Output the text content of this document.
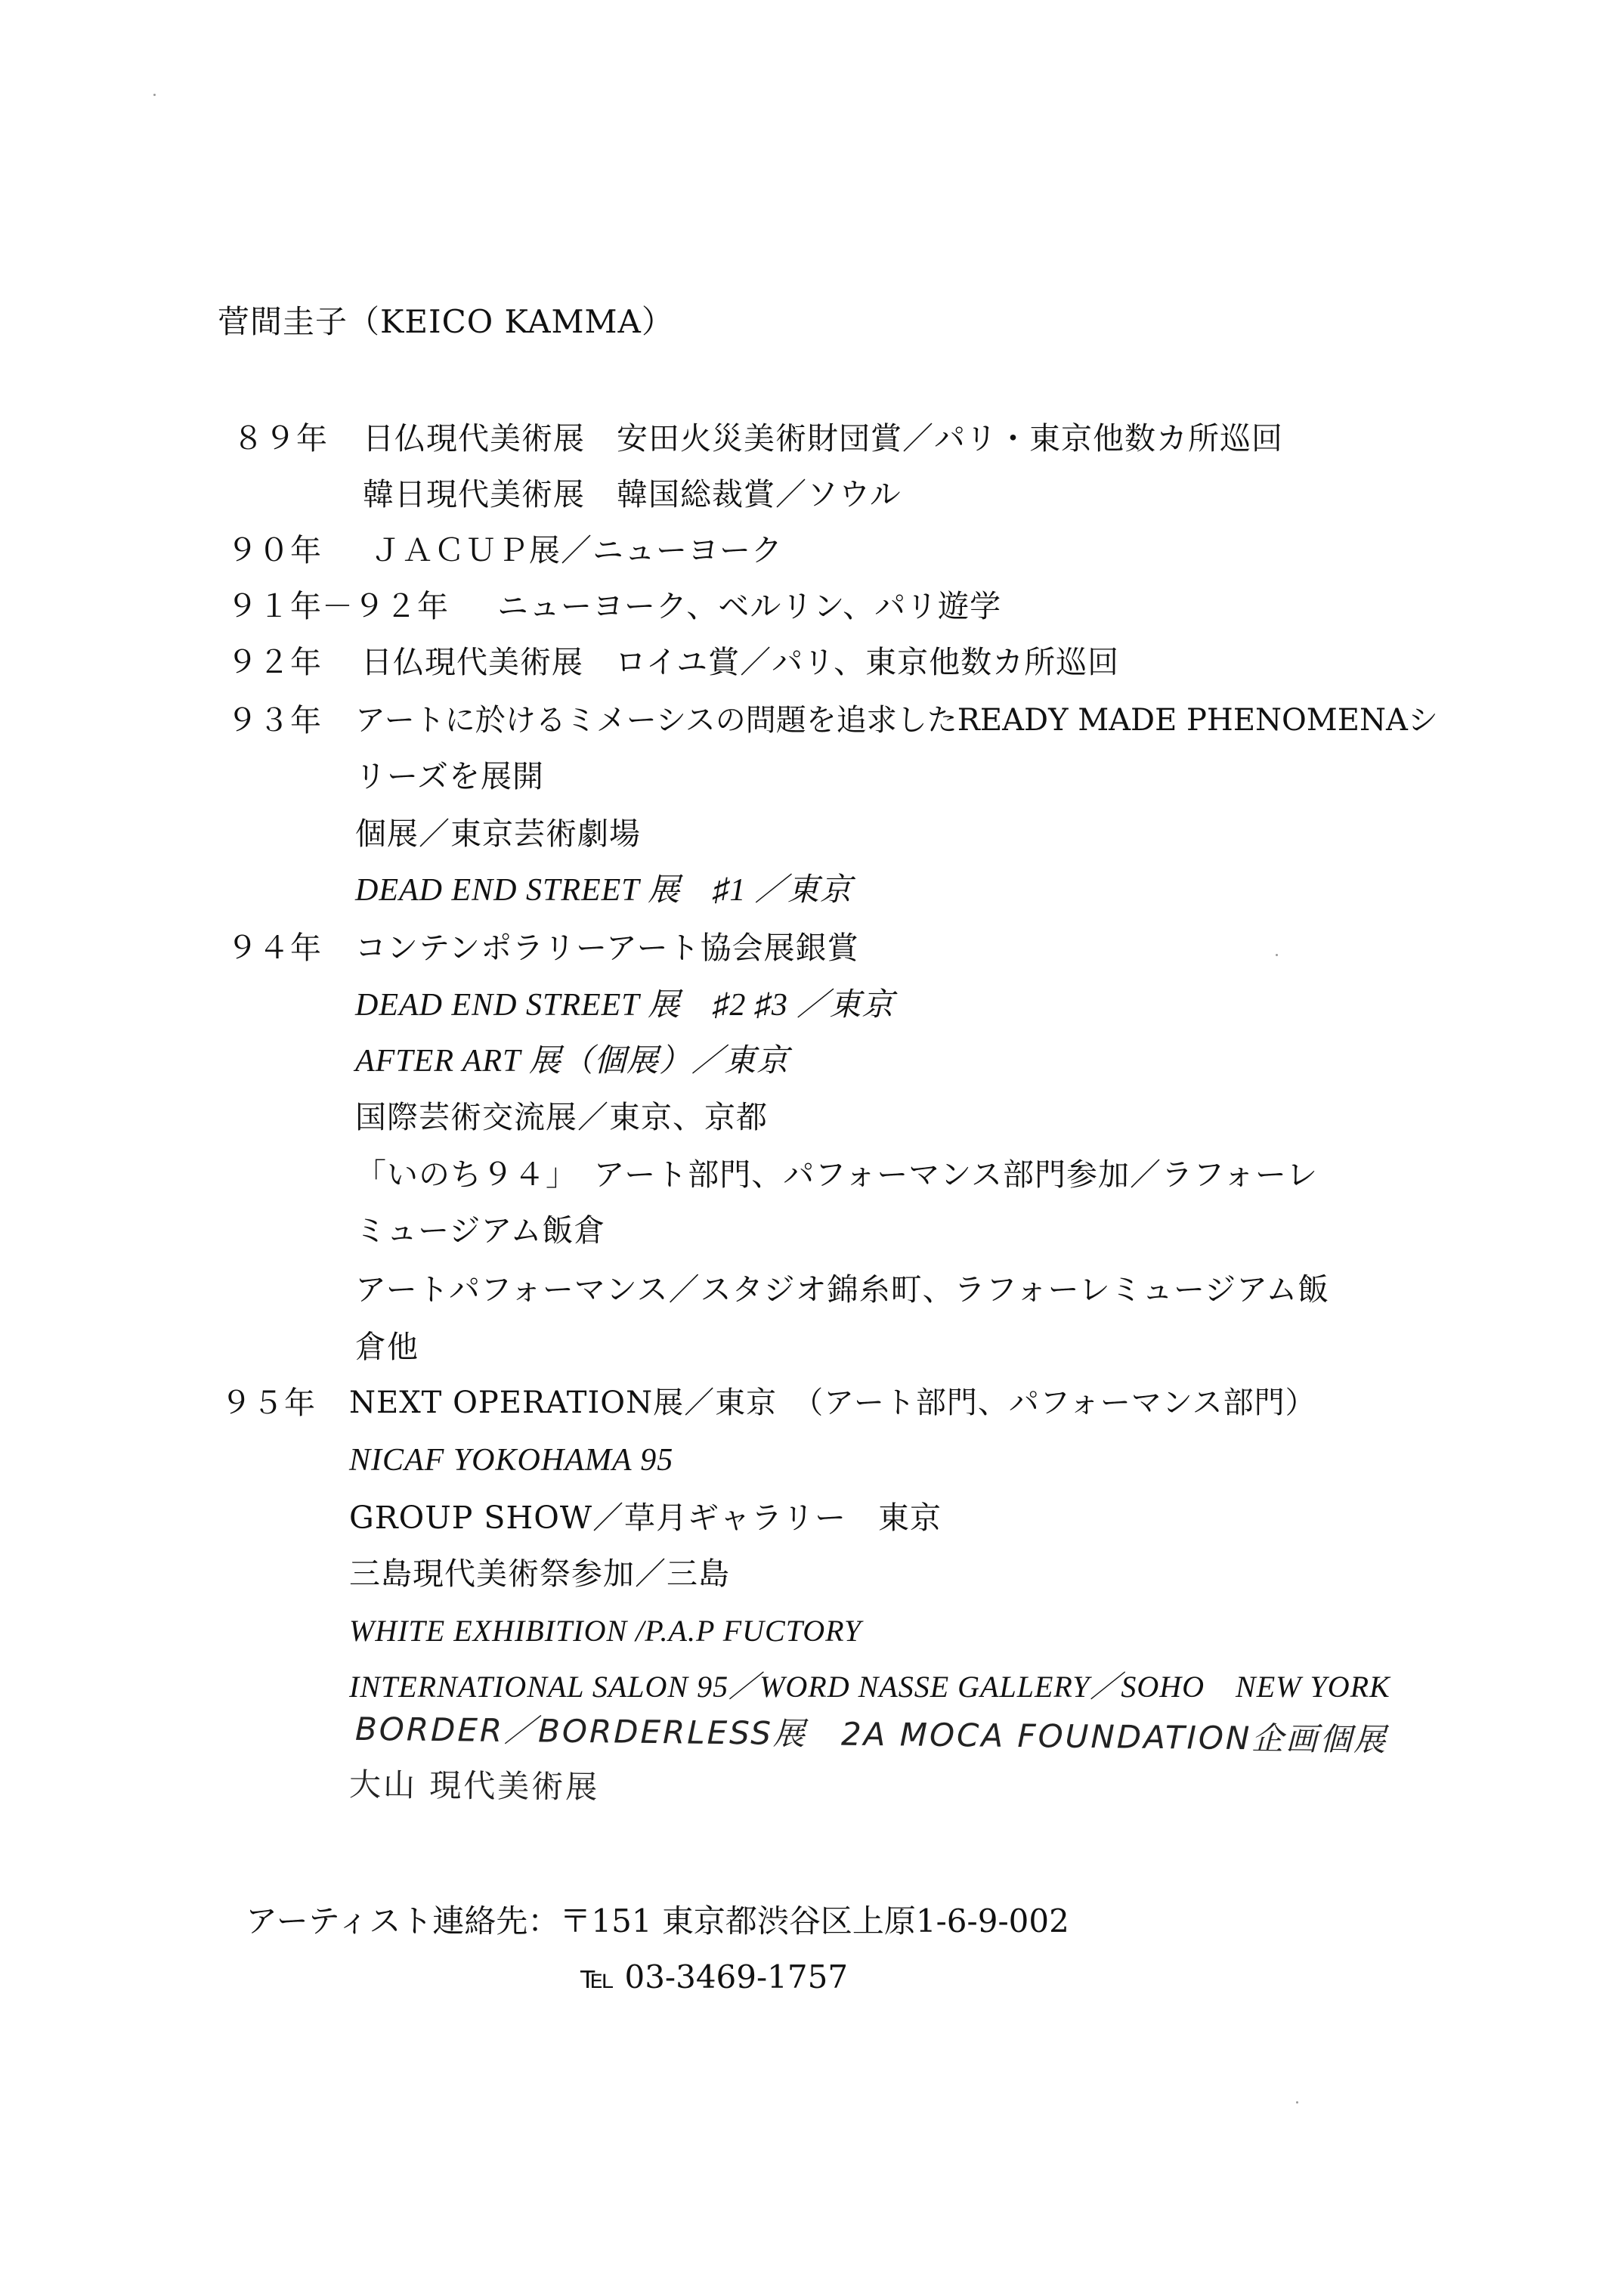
菅間圭子（KEICO KAMMA）
８９年 日仏現代美術展　安田火災美術財団賞／パリ・東京他数カ所巡回
韓日現代美術展　韓国総裁賞／ソウル
９０年 ＪＡＣＵＰ展／ニューヨーク
９１年－９２年 ニューヨーク、ベルリン、パリ遊学
９２年 日仏現代美術展　ロイユ賞／パリ、東京他数カ所巡回
９３年 アートに於けるミメーシスの問題を追求したREADY MADE PHENOMENAシ
リーズを展開
個展／東京芸術劇場
DEAD END STREET 展　♯1 ／東京
９４年 コンテンポラリーアート協会展銀賞
DEAD END STREET 展　♯2 ♯3 ／東京
AFTER ART 展（個展）／東京
国際芸術交流展／東京、京都
「いのち９４」　アート部門、パフォーマンス部門参加／ラフォーレ
ミュージアム飯倉
アートパフォーマンス／スタジオ錦糸町、ラフォーレミュージアム飯
倉他
９５年 NEXT OPERATION展／東京　（アート部門、パフォーマンス部門）
NICAF YOKOHAMA 95
GROUP SHOW／草月ギャラリー　東京
三島現代美術祭参加／三島
WHITE EXHIBITION /P.A.P FUCTORY
INTERNATIONAL SALON 95／WORD NASSE GALLERY／SOHO　NEW YORK
BORDER／BORDERLESS展　2A MOCA FOUNDATION企画個展
大山 現代美術展
アーティスト連絡先：〒151 東京都渋谷区上原1-6-9-002
℡ 03-3469-1757
